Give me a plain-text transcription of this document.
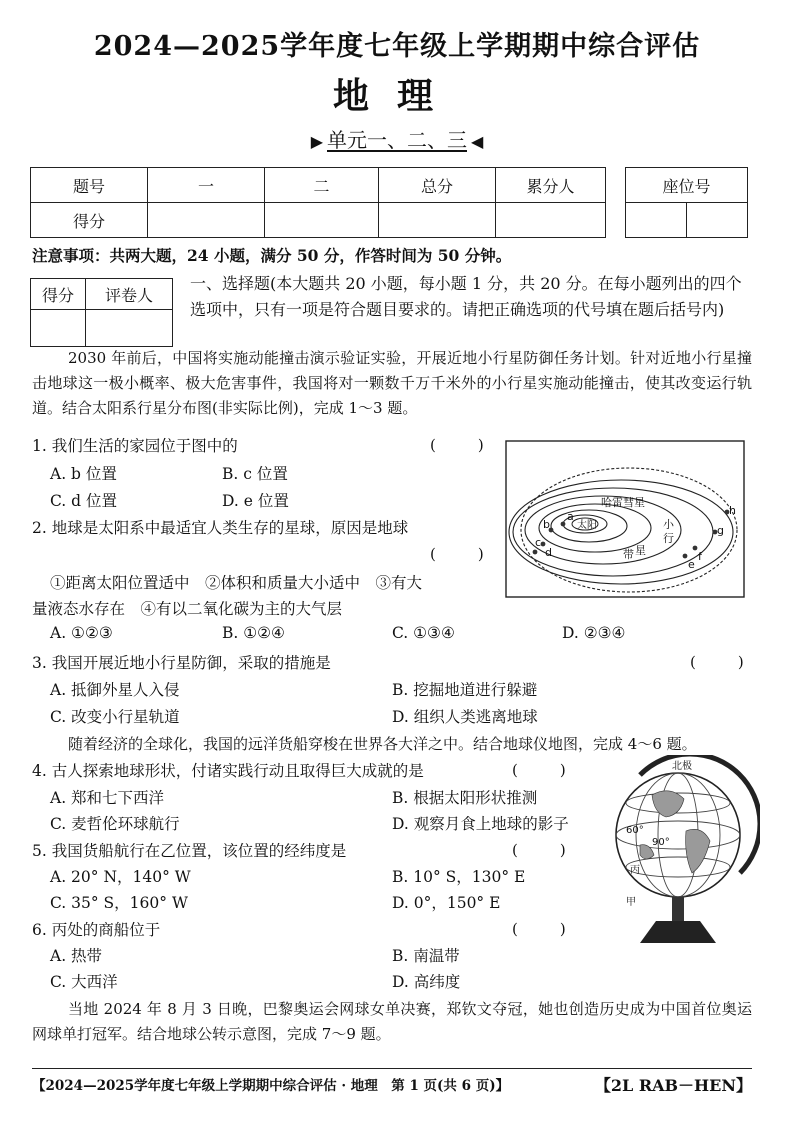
2024—2025学年度七年级上学期期中综合评估
地理
▶ 单元一、二、三 ◀
题号	一	二	总分	累分人
得分				
座位号

注意事项：共两大题，24 小题，满分 50 分，作答时间为 50 分钟。
得分	评卷人

一、选择题(本大题共 20 小题，每小题 1 分，共 20 分。在每小题列出的四个选项中，只有一项是符合题目要求的。请把正确选项的代号填在题后括号内)
2030 年前后，中国将实施动能撞击演示验证实验，开展近地小行星防御任务计划。针对近地小行星撞击地球这一极小概率、极大危害事件，我国将对一颗数千万千米外的小行星实施动能撞击，使其改变运行轨道。结合太阳系行星分布图(非实际比例)，完成 1～3 题。
1. 我们生活的家园位于图中的	(　　)
A. b 位置	B. c 位置
C. d 位置	D. e 位置
2. 地球是太阳系中最适宜人类生存的星球，原因是地球
(　　)
①距离太阳位置适中　②体积和质量大小适中　③有大
量液态水存在　④有以二氧化碳为主的大气层
A. ①②③	B. ①②④	C. ①③④	D. ②③④
太阳
哈雷彗星
小
行
带 星
a
b
c
d
e
f
g
h
3. 我国开展近地小行星防御，采取的措施是	(　　)
A. 抵御外星人入侵	B. 挖掘地道进行躲避
C. 改变小行星轨道	D. 组织人类逃离地球
随着经济的全球化，我国的远洋货船穿梭在世界各大洋之中。结合地球仪地图，完成 4～6 题。
4. 古人探索地球形状，付诸实践行动且取得巨大成就的是	(　　)
A. 郑和七下西洋	B. 根据太阳形状推测
C. 麦哲伦环球航行	D. 观察月食上地球的影子
5. 我国货船航行在乙位置，该位置的经纬度是	(　　)
A. 20° N，140° W	B. 10° S，130° E
C. 35° S，160° W	D. 0°，150° E
6. 丙处的商船位于	(　　)
A. 热带	B. 南温带
C. 大西洋	D. 高纬度
北极
60°
90°
丙
甲
当地 2024 年 8 月 3 日晚，巴黎奥运会网球女单决赛，郑钦文夺冠，她也创造历史成为中国首位奥运网球单打冠军。结合地球公转示意图，完成 7～9 题。
【2024—2025学年度七年级上学期期中综合评估 · 地理　第 1 页(共 6 页)】	【2L RAB－HEN】
